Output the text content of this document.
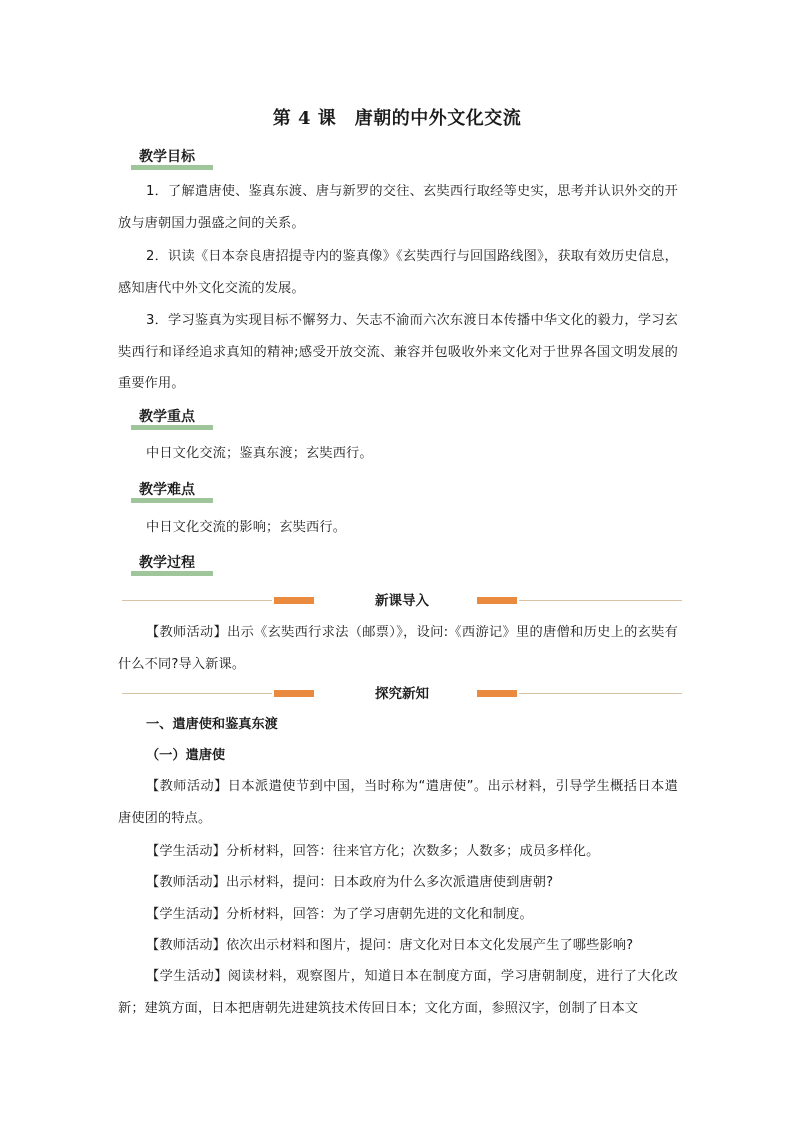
第 4 课　唐朝的中外文化交流
教学目标
1．了解遣唐使、鉴真东渡、唐与新罗的交往、玄奘西行取经等史实，思考并认识外交的开放与唐朝国力强盛之间的关系。
2．识读《日本奈良唐招提寺内的鉴真像》《玄奘西行与回国路线图》，获取有效历史信息，感知唐代中外文化交流的发展。
3．学习鉴真为实现目标不懈努力、矢志不渝而六次东渡日本传播中华文化的毅力，学习玄奘西行和译经追求真知的精神;感受开放交流、兼容并包吸收外来文化对于世界各国文明发展的重要作用。
教学重点
中日文化交流；鉴真东渡；玄奘西行。
教学难点
中日文化交流的影响；玄奘西行。
教学过程
新课导入
【教师活动】出示《玄奘西行求法（邮票）》，设问:《西游记》里的唐僧和历史上的玄奘有什么不同?导入新课。
探究新知
一、遣唐使和鉴真东渡
（一）遣唐使
【教师活动】日本派遣使节到中国，当时称为“遣唐使”。出示材料，引导学生概括日本遣唐使团的特点。
【学生活动】分析材料，回答：往来官方化；次数多；人数多；成员多样化。
【教师活动】出示材料，提问：日本政府为什么多次派遣唐使到唐朝?
【学生活动】分析材料，回答：为了学习唐朝先进的文化和制度。
【教师活动】依次出示材料和图片，提问：唐文化对日本文化发展产生了哪些影响?
【学生活动】阅读材料，观察图片，知道日本在制度方面，学习唐朝制度，进行了大化改新；建筑方面，日本把唐朝先进建筑技术传回日本；文化方面，参照汉字，创制了日本文
